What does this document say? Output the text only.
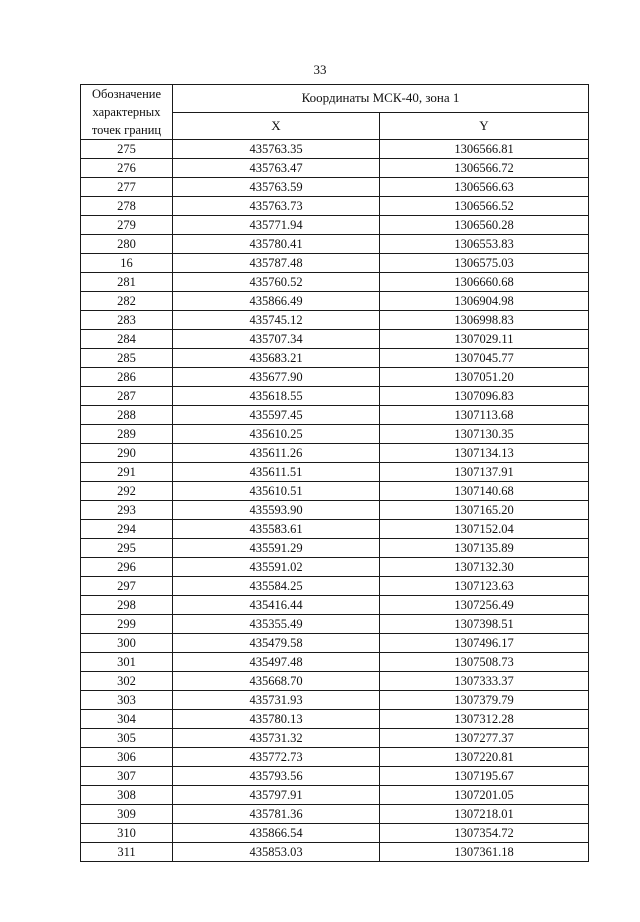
33
Обозначение характерных точек границ	Координаты МСК-40, зона 1	
	X	Y
275	435763.35	1306566.81
276	435763.47	1306566.72
277	435763.59	1306566.63
278	435763.73	1306566.52
279	435771.94	1306560.28
280	435780.41	1306553.83
16	435787.48	1306575.03
281	435760.52	1306660.68
282	435866.49	1306904.98
283	435745.12	1306998.83
284	435707.34	1307029.11
285	435683.21	1307045.77
286	435677.90	1307051.20
287	435618.55	1307096.83
288	435597.45	1307113.68
289	435610.25	1307130.35
290	435611.26	1307134.13
291	435611.51	1307137.91
292	435610.51	1307140.68
293	435593.90	1307165.20
294	435583.61	1307152.04
295	435591.29	1307135.89
296	435591.02	1307132.30
297	435584.25	1307123.63
298	435416.44	1307256.49
299	435355.49	1307398.51
300	435479.58	1307496.17
301	435497.48	1307508.73
302	435668.70	1307333.37
303	435731.93	1307379.79
304	435780.13	1307312.28
305	435731.32	1307277.37
306	435772.73	1307220.81
307	435793.56	1307195.67
308	435797.91	1307201.05
309	435781.36	1307218.01
310	435866.54	1307354.72
311	435853.03	1307361.18
